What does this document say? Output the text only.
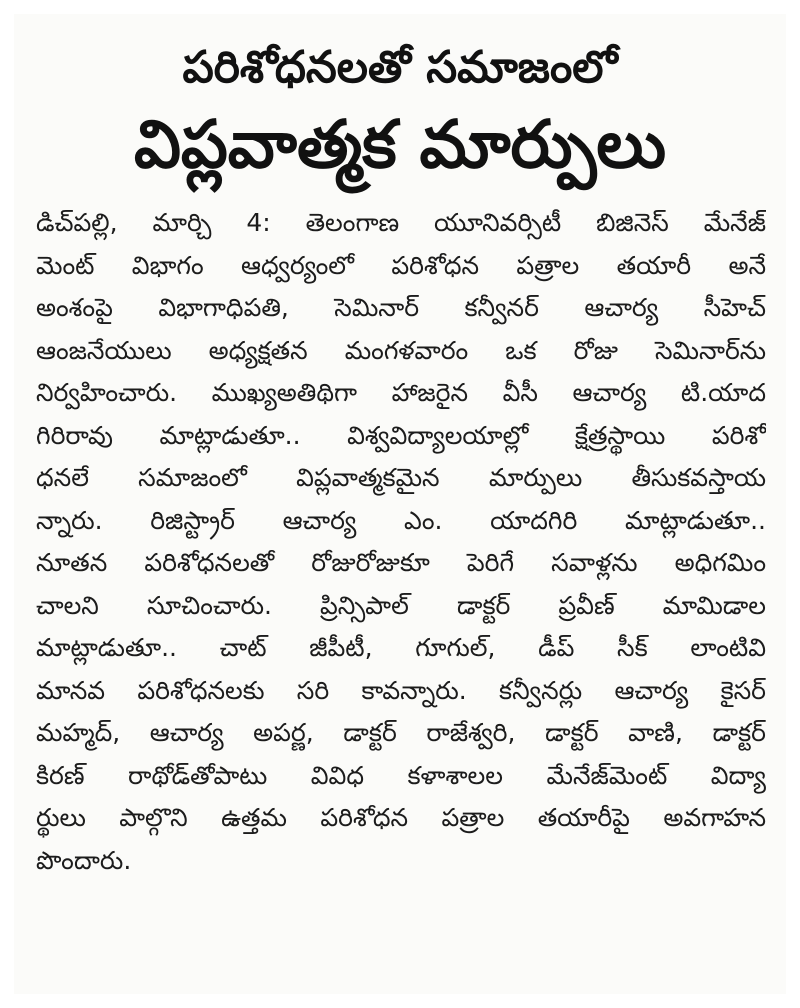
పరిశోధనలతో సమాజంలో
విప్లవాత్మక మార్పులు
డిచ్‌పల్లి, మార్చి 4: తెలంగాణ యూనివర్సిటీ బిజినెస్ మేనేజ్
మెంట్ విభాగం ఆధ్వర్యంలో పరిశోధన పత్రాల తయారీ అనే
అంశంపై విభాగాధిపతి, సెమినార్ కన్వీనర్ ఆచార్య సీహెచ్
ఆంజనేయులు అధ్యక్షతన మంగళవారం ఒక రోజు సెమినార్‌ను
నిర్వహించారు. ముఖ్యఅతిథిగా హాజరైన వీసీ ఆచార్య టి.యాద
గిరిరావు మాట్లాడుతూ.. విశ్వవిద్యాలయాల్లో క్షేత్రస్థాయి పరిశో
ధనలే సమాజంలో విప్లవాత్మకమైన మార్పులు తీసుకవస్తాయ
న్నారు. రిజిస్ట్రార్ ఆచార్య ఎం. యాదగిరి మాట్లాడుతూ..
నూతన పరిశోధనలతో రోజురోజుకూ పెరిగే సవాళ్లను అధిగమిం
చాలని సూచించారు. ప్రిన్సిపాల్ డాక్టర్ ప్రవీణ్ మామిడాల
మాట్లాడుతూ.. చాట్ జీపీటీ, గూగుల్, డీప్ సీక్ లాంటివి
మానవ పరిశోధనలకు సరి కావన్నారు. కన్వీనర్లు ఆచార్య కైసర్
మహ్మద్, ఆచార్య అపర్ణ, డాక్టర్ రాజేశ్వరి, డాక్టర్ వాణి, డాక్టర్
కిరణ్ రాథోడ్‌తోపాటు వివిధ కళాశాలల మేనేజ్‌మెంట్ విద్యా
ర్థులు పాల్గొని ఉత్తమ పరిశోధన పత్రాల తయారీపై అవగాహన
పొందారు.
